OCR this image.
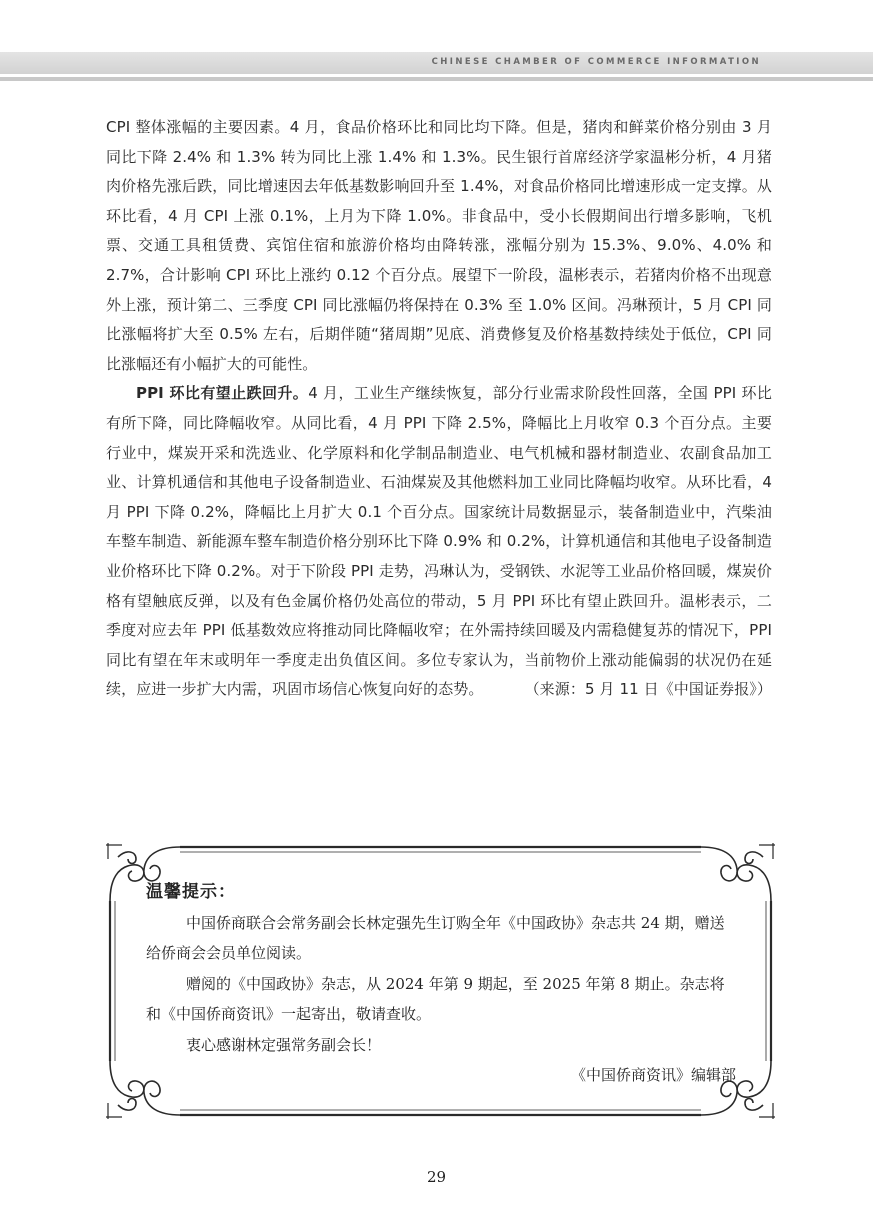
CHINESE CHAMBER OF COMMERCE INFORMATION

CPI 整体涨幅的主要因素。4 月，食品价格环比和同比均下降。但是，猪肉和鲜菜价格分别由 3 月同比下降 2.4% 和 1.3% 转为同比上涨 1.4% 和 1.3%。民生银行首席经济学家温彬分析，4 月猪肉价格先涨后跌，同比增速因去年低基数影响回升至 1.4%，对食品价格同比增速形成一定支撑。从环比看，4 月 CPI 上涨 0.1%，上月为下降 1.0%。非食品中，受小长假期间出行增多影响，飞机票、交通工具租赁费、宾馆住宿和旅游价格均由降转涨，涨幅分别为 15.3%、9.0%、4.0% 和 2.7%，合计影响 CPI 环比上涨约 0.12 个百分点。展望下一阶段，温彬表示，若猪肉价格不出现意外上涨，预计第二、三季度 CPI 同比涨幅仍将保持在 0.3% 至 1.0% 区间。冯琳预计，5 月 CPI 同比涨幅将扩大至 0.5% 左右，后期伴随“猪周期”见底、消费修复及价格基数持续处于低位，CPI 同比涨幅还有小幅扩大的可能性。

PPI 环比有望止跌回升。4 月，工业生产继续恢复，部分行业需求阶段性回落，全国 PPI 环比有所下降，同比降幅收窄。从同比看，4 月 PPI 下降 2.5%，降幅比上月收窄 0.3 个百分点。主要行业中，煤炭开采和洗选业、化学原料和化学制品制造业、电气机械和器材制造业、农副食品加工业、计算机通信和其他电子设备制造业、石油煤炭及其他燃料加工业同比降幅均收窄。从环比看，4 月 PPI 下降 0.2%，降幅比上月扩大 0.1 个百分点。国家统计局数据显示，装备制造业中，汽柴油车整车制造、新能源车整车制造价格分别环比下降 0.9% 和 0.2%，计算机通信和其他电子设备制造业价格环比下降 0.2%。对于下阶段 PPI 走势，冯琳认为，受钢铁、水泥等工业品价格回暖，煤炭价格有望触底反弹，以及有色金属价格仍处高位的带动，5 月 PPI 环比有望止跌回升。温彬表示，二季度对应去年 PPI 低基数效应将推动同比降幅收窄；在外需持续回暖及内需稳健复苏的情况下，PPI 同比有望在年末或明年一季度走出负值区间。多位专家认为，当前物价上涨动能偏弱的状况仍在延续，应进一步扩大内需，巩固市场信心恢复向好的态势。	（来源：5 月 11 日《中国证券报》）

温馨提示：

中国侨商联合会常务副会长林定强先生订购全年《中国政协》杂志共 24 期，赠送给侨商会会员单位阅读。

赠阅的《中国政协》杂志，从 2024 年第 9 期起，至 2025 年第 8 期止。杂志将和《中国侨商资讯》一起寄出，敬请查收。

衷心感谢林定强常务副会长！

《中国侨商资讯》编辑部

29
